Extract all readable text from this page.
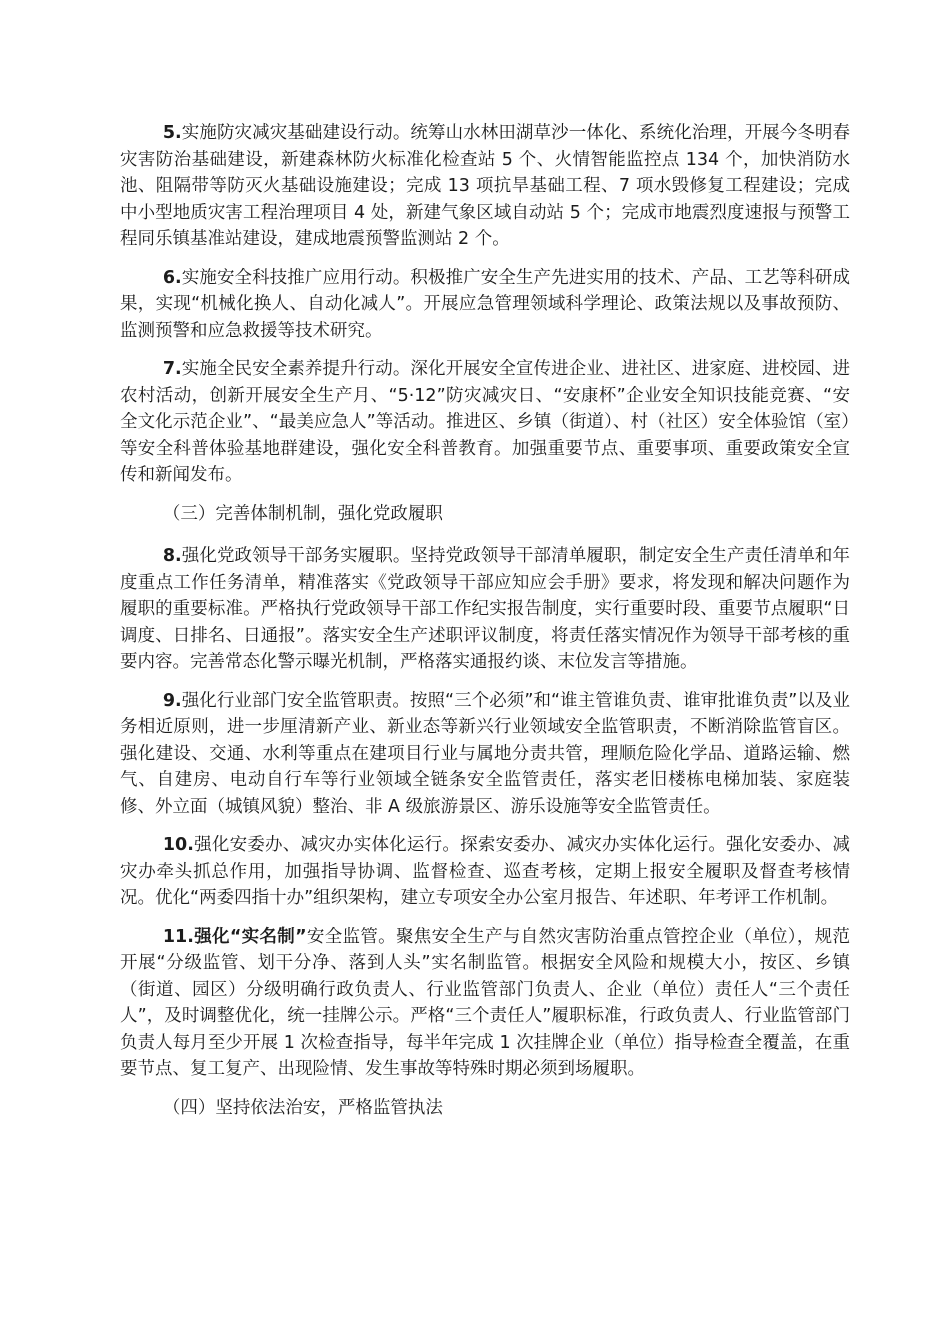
5.实施防灾减灾基础建设行动。统筹山水林田湖草沙一体化、系统化治理，开展今冬明春灾害防治基础建设，新建森林防火标准化检查站 5 个、火情智能监控点 134 个，加快消防水池、阻隔带等防灭火基础设施建设；完成 13 项抗旱基础工程、7 项水毁修复工程建设；完成中小型地质灾害工程治理项目 4 处，新建气象区域自动站 5 个；完成市地震烈度速报与预警工程同乐镇基准站建设，建成地震预警监测站 2 个。

6.实施安全科技推广应用行动。积极推广安全生产先进实用的技术、产品、工艺等科研成果，实现“机械化换人、自动化减人”。开展应急管理领域科学理论、政策法规以及事故预防、监测预警和应急救援等技术研究。

7.实施全民安全素养提升行动。深化开展安全宣传进企业、进社区、进家庭、进校园、进农村活动，创新开展安全生产月、“5·12”防灾减灾日、“安康杯”企业安全知识技能竞赛、“安全文化示范企业”、“最美应急人”等活动。推进区、乡镇（街道）、村（社区）安全体验馆（室）等安全科普体验基地群建设，强化安全科普教育。加强重要节点、重要事项、重要政策安全宣传和新闻发布。

（三）完善体制机制，强化党政履职

8.强化党政领导干部务实履职。坚持党政领导干部清单履职，制定安全生产责任清单和年度重点工作任务清单，精准落实《党政领导干部应知应会手册》要求，将发现和解决问题作为履职的重要标准。严格执行党政领导干部工作纪实报告制度，实行重要时段、重要节点履职“日调度、日排名、日通报”。落实安全生产述职评议制度，将责任落实情况作为领导干部考核的重要内容。完善常态化警示曝光机制，严格落实通报约谈、末位发言等措施。

9.强化行业部门安全监管职责。按照“三个必须”和“谁主管谁负责、谁审批谁负责”以及业务相近原则，进一步厘清新产业、新业态等新兴行业领域安全监管职责，不断消除监管盲区。强化建设、交通、水利等重点在建项目行业与属地分责共管，理顺危险化学品、道路运输、燃气、自建房、电动自行车等行业领域全链条安全监管责任，落实老旧楼栋电梯加装、家庭装修、外立面（城镇风貌）整治、非 A 级旅游景区、游乐设施等安全监管责任。

10.强化安委办、减灾办实体化运行。探索安委办、减灾办实体化运行。强化安委办、减灾办牵头抓总作用，加强指导协调、监督检查、巡查考核，定期上报安全履职及督查考核情况。优化“两委四指十办”组织架构，建立专项安全办公室月报告、年述职、年考评工作机制。

11.强化“实名制”安全监管。聚焦安全生产与自然灾害防治重点管控企业（单位），规范开展“分级监管、划干分净、落到人头”实名制监管。根据安全风险和规模大小，按区、乡镇（街道、园区）分级明确行政负责人、行业监管部门负责人、企业（单位）责任人“三个责任人”，及时调整优化，统一挂牌公示。严格“三个责任人”履职标准，行政负责人、行业监管部门负责人每月至少开展 1 次检查指导，每半年完成 1 次挂牌企业（单位）指导检查全覆盖，在重要节点、复工复产、出现险情、发生事故等特殊时期必须到场履职。

（四）坚持依法治安，严格监管执法
